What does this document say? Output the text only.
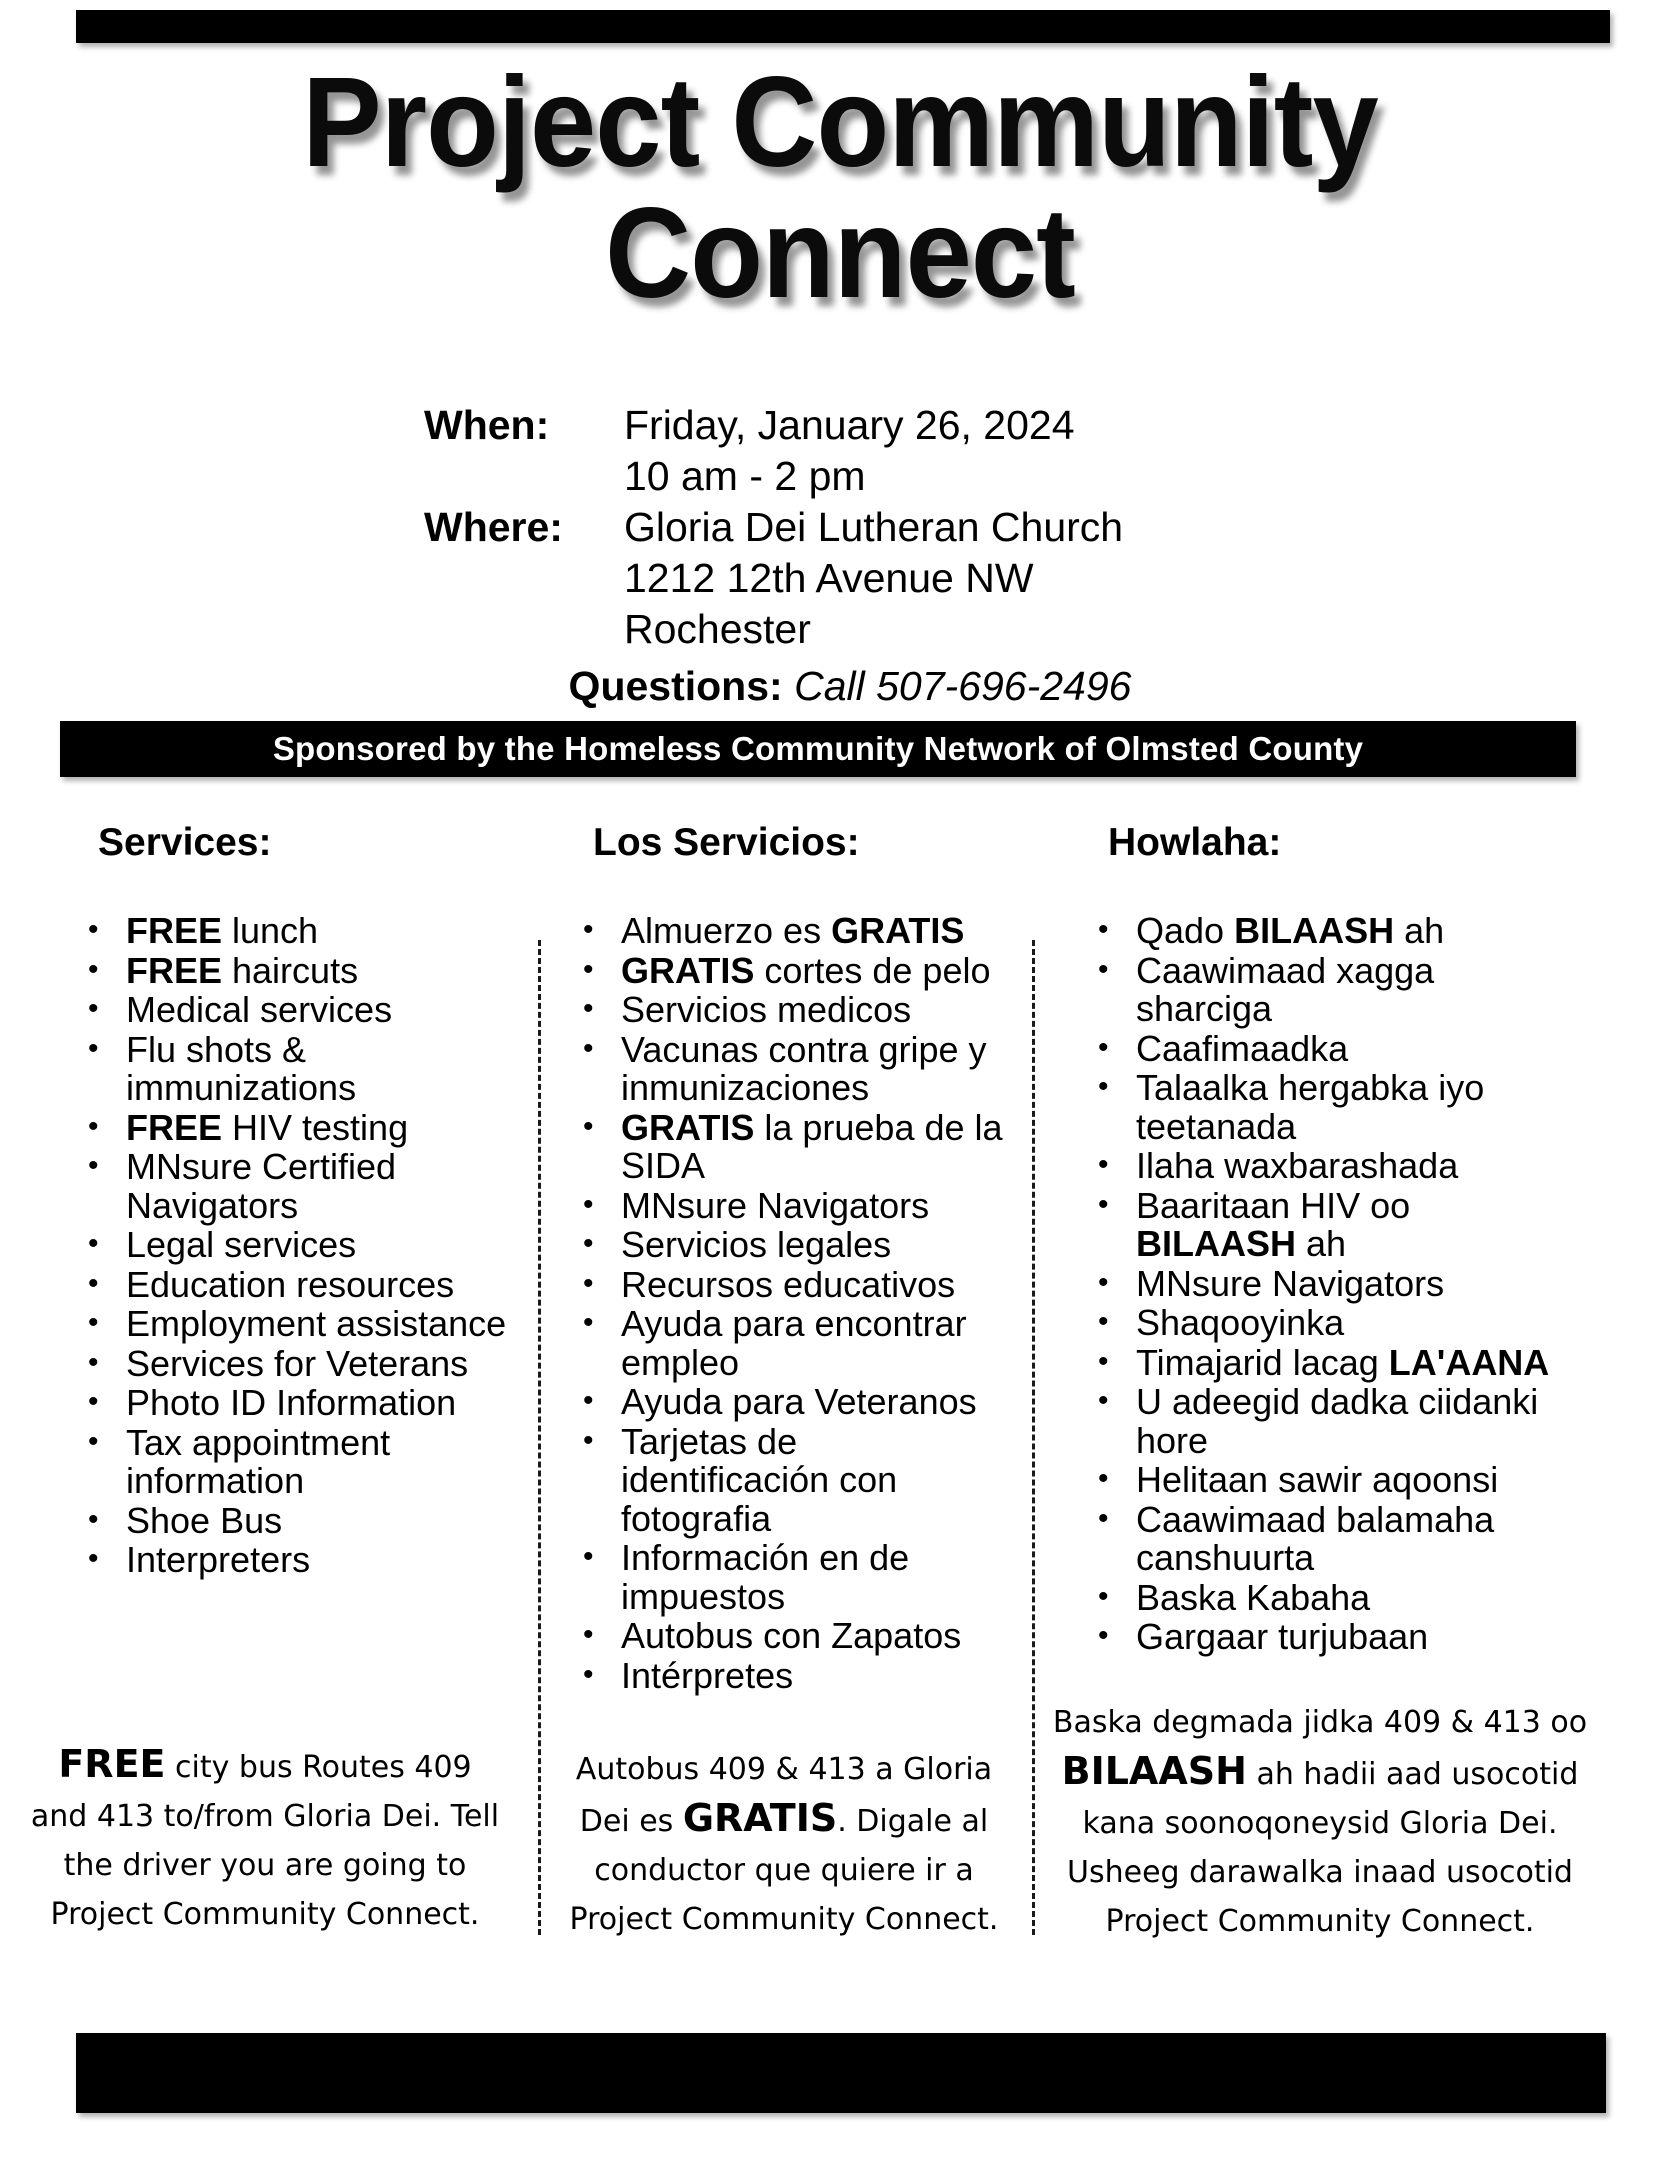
Project Community
Connect
When:	Friday, January 26, 2024
10 am - 2 pm
Where:	Gloria Dei Lutheran Church
1212 12th Avenue NW
Rochester
Questions: Call 507-696-2496
Sponsored by the Homeless Community Network of Olmsted County
Services:
• FREE lunch
• FREE haircuts
• Medical services
• Flu shots & immunizations
• FREE HIV testing
• MNsure Certified Navigators
• Legal services
• Education resources
• Employment assistance
• Services for Veterans
• Photo ID Information
• Tax appointment information
• Shoe Bus
• Interpreters
Los Servicios:
• Almuerzo es GRATIS
• GRATIS cortes de pelo
• Servicios medicos
• Vacunas contra gripe y inmunizaciones
• GRATIS la prueba de la SIDA
• MNsure Navigators
• Servicios legales
• Recursos educativos
• Ayuda para encontrar empleo
• Ayuda para Veteranos
• Tarjetas de identificación con fotografia
• Información en de impuestos
• Autobus con Zapatos
• Intérpretes
Howlaha:
• Qado BILAASH ah
• Caawimaad xagga sharciga
• Caafimaadka
• Talaalka hergabka iyo teetanada
• Ilaha waxbarashada
• Baaritaan HIV oo BILAASH ah
• MNsure Navigators
• Shaqooyinka
• Timajarid lacag LA'AANA
• U adeegid dadka ciidanki hore
• Helitaan sawir aqoonsi
• Caawimaad balamaha canshuurta
• Baska Kabaha
• Gargaar turjubaan
FREE city bus Routes 409 and 413 to/from Gloria Dei. Tell the driver you are going to Project Community Connect.
Autobus 409 & 413 a Gloria Dei es GRATIS. Digale al conductor que quiere ir a Project Community Connect.
Baska degmada jidka 409 & 413 oo BILAASH ah hadii aad usocotid kana soonoqoneysid Gloria Dei. Usheeg darawalka inaad usocotid Project Community Connect.
